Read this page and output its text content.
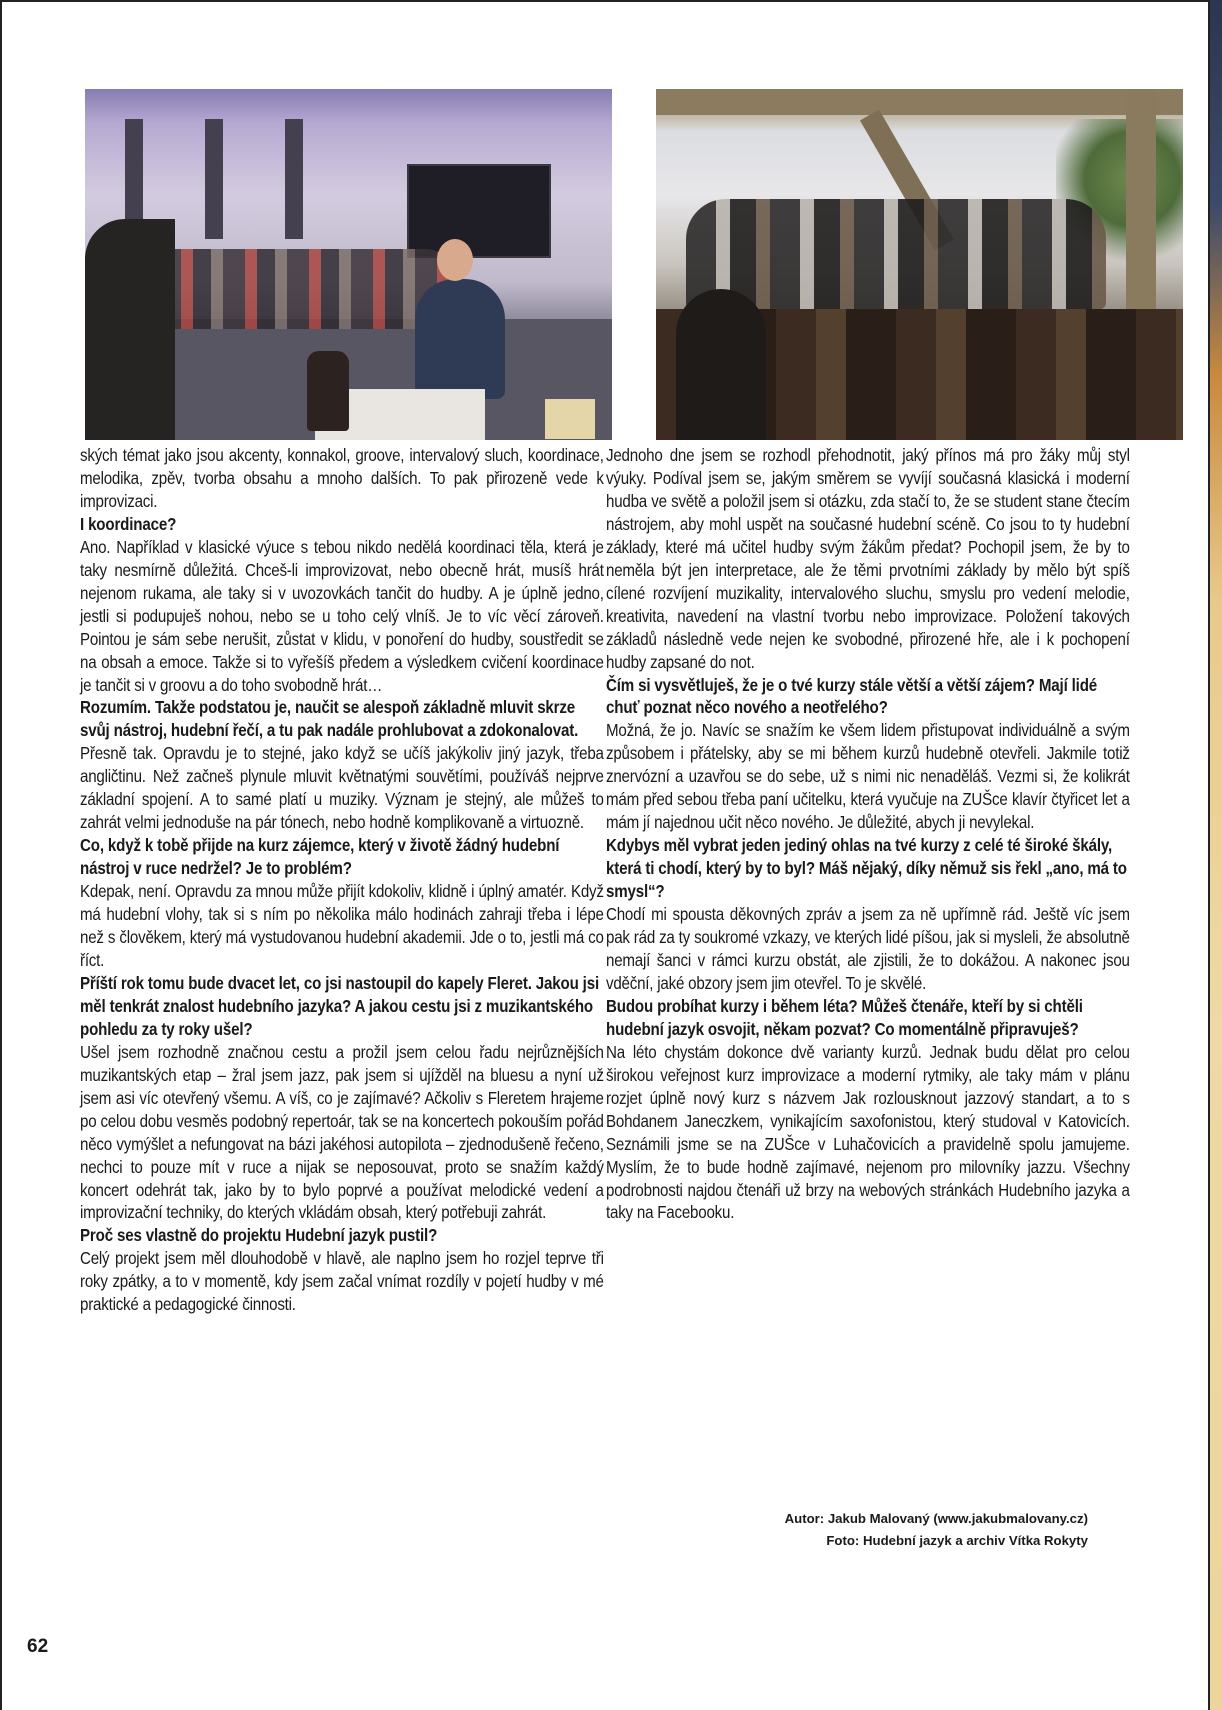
ských témat jako jsou akcenty, konnakol, groove, intervalový sluch, koordinace, melodika, zpěv, tvorba obsahu a mnoho dalších. To pak přirozeně vede k improvizaci.

I koordinace?

Ano. Například v klasické výuce s tebou nikdo nedělá koordinaci těla, která je taky nesmírně důležitá. Chceš-li improvizovat, nebo obecně hrát, musíš hrát nejenom rukama, ale taky si v uvozovkách tančit do hudby. A je úplně jedno, jestli si podupuješ nohou, nebo se u toho celý vlníš. Je to víc věcí zároveň. Pointou je sám sebe nerušit, zůstat v klidu, v ponoření do hudby, soustředit se na obsah a emoce. Takže si to vyřešíš předem a výsledkem cvičení koordinace je tančit si v groovu a do toho svobodně hrát…

Rozumím. Takže podstatou je, naučit se alespoň základně mluvit skrze svůj nástroj, hudební řečí, a tu pak nadále prohlubovat a zdokonalovat.

Přesně tak. Opravdu je to stejné, jako když se učíš jakýkoliv jiný jazyk, třeba angličtinu. Než začneš plynule mluvit květnatými souvětími, používáš nejprve základní spojení. A to samé platí u muziky. Význam je stejný, ale můžeš to zahrát velmi jednoduše na pár tónech, nebo hodně komplikovaně a virtuozně.

Co, když k tobě přijde na kurz zájemce, který v životě žádný hudební nástroj v ruce nedržel? Je to problém?

Kdepak, není. Opravdu za mnou může přijít kdokoliv, klidně i úplný amatér. Když má hudební vlohy, tak si s ním po několika málo hodinách zahraji třeba i lépe než s člověkem, který má vystudovanou hudební akademii. Jde o to, jestli má co říct.

Příští rok tomu bude dvacet let, co jsi nastoupil do kapely Fleret. Jakou jsi měl tenkrát znalost hudebního jazyka? A jakou cestu jsi z muzikantského pohledu za ty roky ušel?

Ušel jsem rozhodně značnou cestu a prožil jsem celou řadu nejrůznějších muzikantských etap – žral jsem jazz, pak jsem si ujížděl na bluesu a nyní už jsem asi víc otevřený všemu. A víš, co je zajímavé? Ačkoliv s Fleretem hrajeme po celou dobu vesměs podobný repertoár, tak se na koncertech pokouším pořád něco vymýšlet a nefungovat na bázi jakéhosi autopilota – zjednodušeně řečeno, nechci to pouze mít v ruce a nijak se neposouvat, proto se snažím každý koncert odehrát tak, jako by to bylo poprvé a používat melodické vedení a improvizační techniky, do kterých vkládám obsah, který potřebuji zahrát.

Proč ses vlastně do projektu Hudební jazyk pustil?

Celý projekt jsem měl dlouhodobě v hlavě, ale naplno jsem ho rozjel teprve tři roky zpátky, a to v momentě, kdy jsem začal vnímat rozdíly v pojetí hudby v mé praktické a pedagogické činnosti.

Jednoho dne jsem se rozhodl přehodnotit, jaký přínos má pro žáky můj styl výuky. Podíval jsem se, jakým směrem se vyvíjí současná klasická i moderní hudba ve světě a položil jsem si otázku, zda stačí to, že se student stane čtecím nástrojem, aby mohl uspět na současné hudební scéně. Co jsou to ty hudební základy, které má učitel hudby svým žákům předat? Pochopil jsem, že by to neměla být jen interpretace, ale že těmi prvotními základy by mělo být spíš cílené rozvíjení muzikality, intervalového sluchu, smyslu pro vedení melodie, kreativita, navedení na vlastní tvorbu nebo improvizace. Položení takových základů následně vede nejen ke svobodné, přirozené hře, ale i k pochopení hudby zapsané do not.

Čím si vysvětluješ, že je o tvé kurzy stále větší a větší zájem? Mají lidé chuť poznat něco nového a neotřelého?

Možná, že jo. Navíc se snažím ke všem lidem přistupovat individuálně a svým způsobem i přátelsky, aby se mi během kurzů hudebně otevřeli. Jakmile totiž znervózní a uzavřou se do sebe, už s nimi nic nenaděláš. Vezmi si, že kolikrát mám před sebou třeba paní učitelku, která vyučuje na ZUŠce klavír čtyřicet let a mám jí najednou učit něco nového. Je důležité, abych ji nevylekal.

Kdybys měl vybrat jeden jediný ohlas na tvé kurzy z celé té široké škály, která ti chodí, který by to byl? Máš nějaký, díky němuž sis řekl „ano, má to smysl“?

Chodí mi spousta děkovných zpráv a jsem za ně upřímně rád. Ještě víc jsem pak rád za ty soukromé vzkazy, ve kterých lidé píšou, jak si mysleli, že absolutně nemají šanci v rámci kurzu obstát, ale zjistili, že to dokážou. A nakonec jsou vděční, jaké obzory jsem jim otevřel. To je skvělé.

Budou probíhat kurzy i během léta? Můžeš čtenáře, kteří by si chtěli hudební jazyk osvojit, někam pozvat? Co momentálně připravuješ?

Na léto chystám dokonce dvě varianty kurzů. Jednak budu dělat pro celou širokou veřejnost kurz improvizace a moderní rytmiky, ale taky mám v plánu rozjet úplně nový kurz s názvem Jak rozlousknout jazzový standart, a to s Bohdanem Janeczkem, vynikajícím saxofonistou, který studoval v Katovicích. Seznámili jsme se na ZUŠce v Luhačovicích a pravidelně spolu jamujeme. Myslím, že to bude hodně zajímavé, nejenom pro milovníky jazzu. Všechny podrobnosti najdou čtenáři už brzy na webových stránkách Hudebního jazyka a taky na Facebooku.

Autor: Jakub Malovaný (www.jakubmalovany.cz)
Foto: Hudební jazyk a archiv Vítka Rokyty
62
